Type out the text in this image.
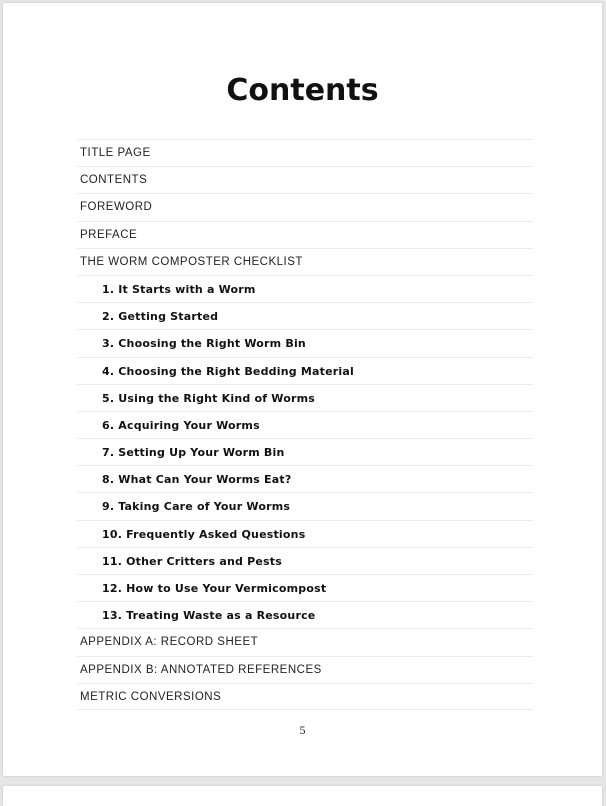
Contents
TITLE PAGE
CONTENTS
FOREWORD
PREFACE
THE WORM COMPOSTER CHECKLIST
1. It Starts with a Worm
2. Getting Started
3. Choosing the Right Worm Bin
4. Choosing the Right Bedding Material
5. Using the Right Kind of Worms
6. Acquiring Your Worms
7. Setting Up Your Worm Bin
8. What Can Your Worms Eat?
9. Taking Care of Your Worms
10. Frequently Asked Questions
11. Other Critters and Pests
12. How to Use Your Vermicompost
13. Treating Waste as a Resource
APPENDIX A: RECORD SHEET
APPENDIX B: ANNOTATED REFERENCES
METRIC CONVERSIONS
5
